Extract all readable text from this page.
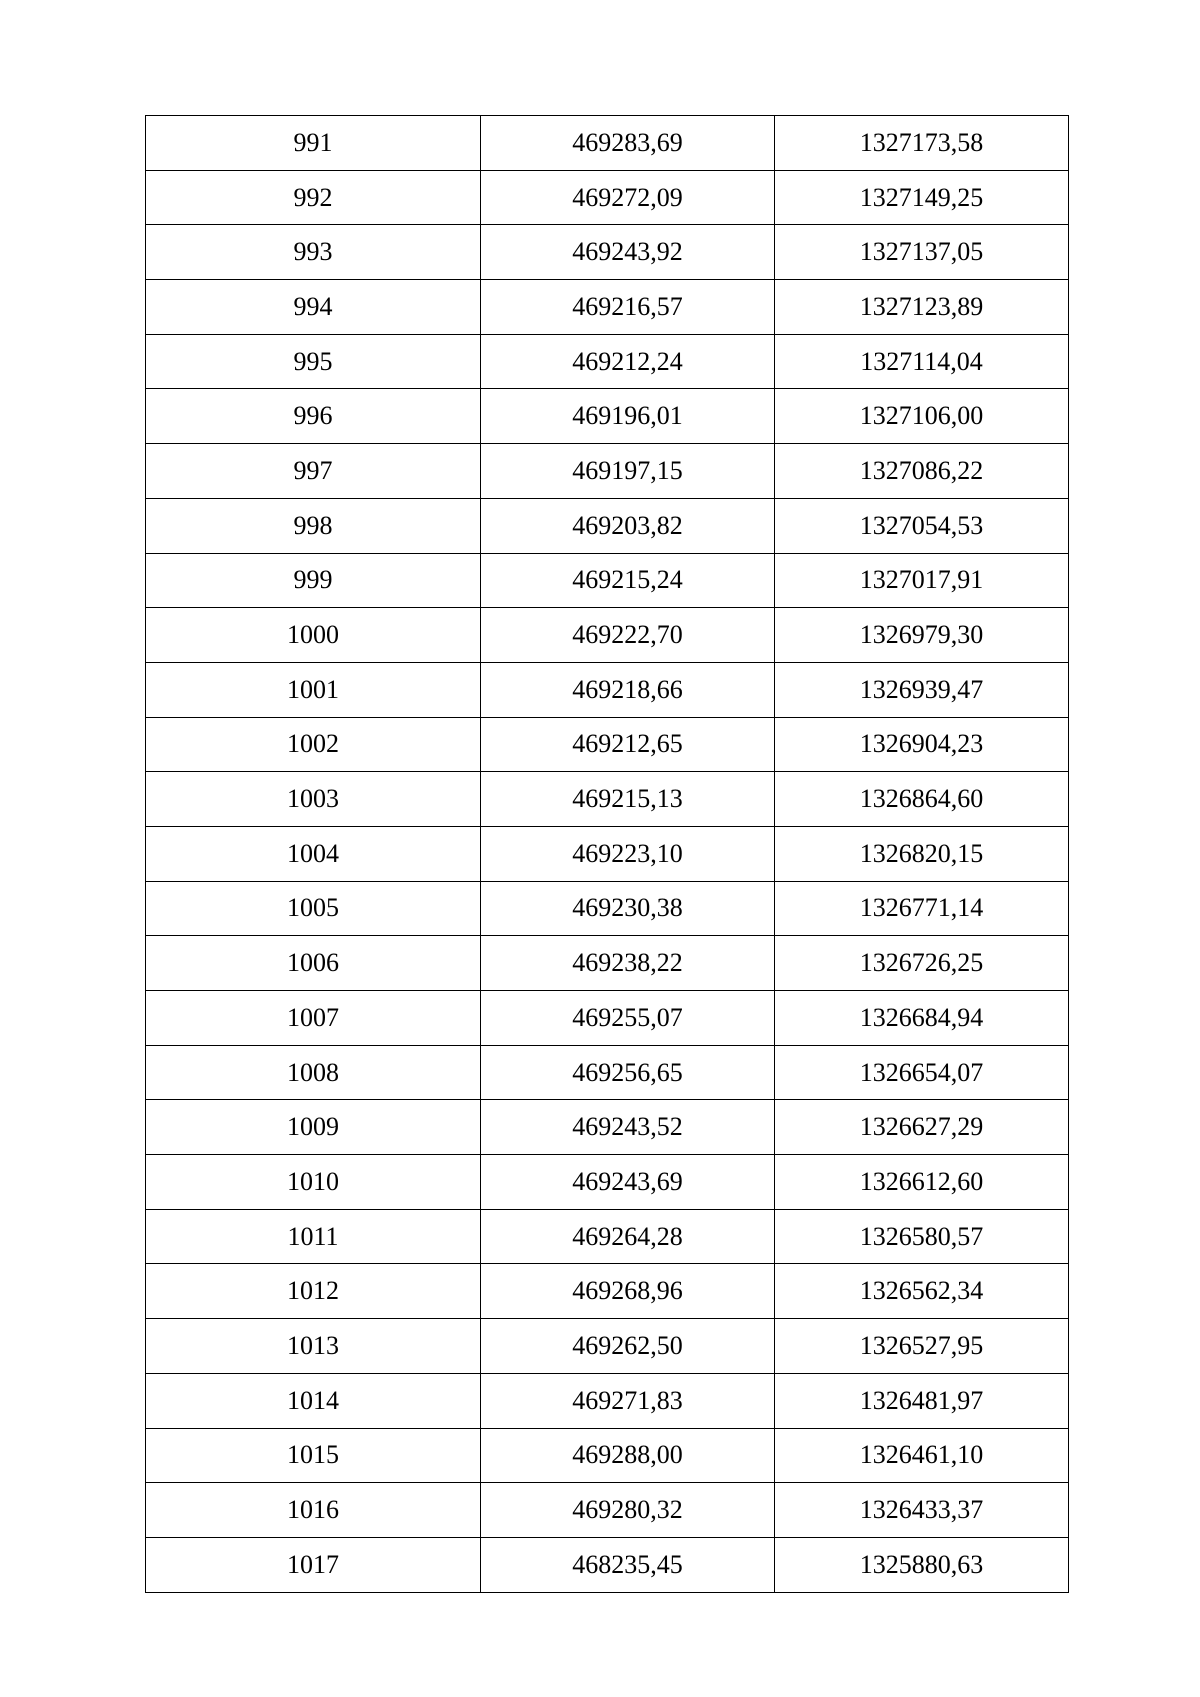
991	469283,69	1327173,58
992	469272,09	1327149,25
993	469243,92	1327137,05
994	469216,57	1327123,89
995	469212,24	1327114,04
996	469196,01	1327106,00
997	469197,15	1327086,22
998	469203,82	1327054,53
999	469215,24	1327017,91
1000	469222,70	1326979,30
1001	469218,66	1326939,47
1002	469212,65	1326904,23
1003	469215,13	1326864,60
1004	469223,10	1326820,15
1005	469230,38	1326771,14
1006	469238,22	1326726,25
1007	469255,07	1326684,94
1008	469256,65	1326654,07
1009	469243,52	1326627,29
1010	469243,69	1326612,60
1011	469264,28	1326580,57
1012	469268,96	1326562,34
1013	469262,50	1326527,95
1014	469271,83	1326481,97
1015	469288,00	1326461,10
1016	469280,32	1326433,37
1017	468235,45	1325880,63
